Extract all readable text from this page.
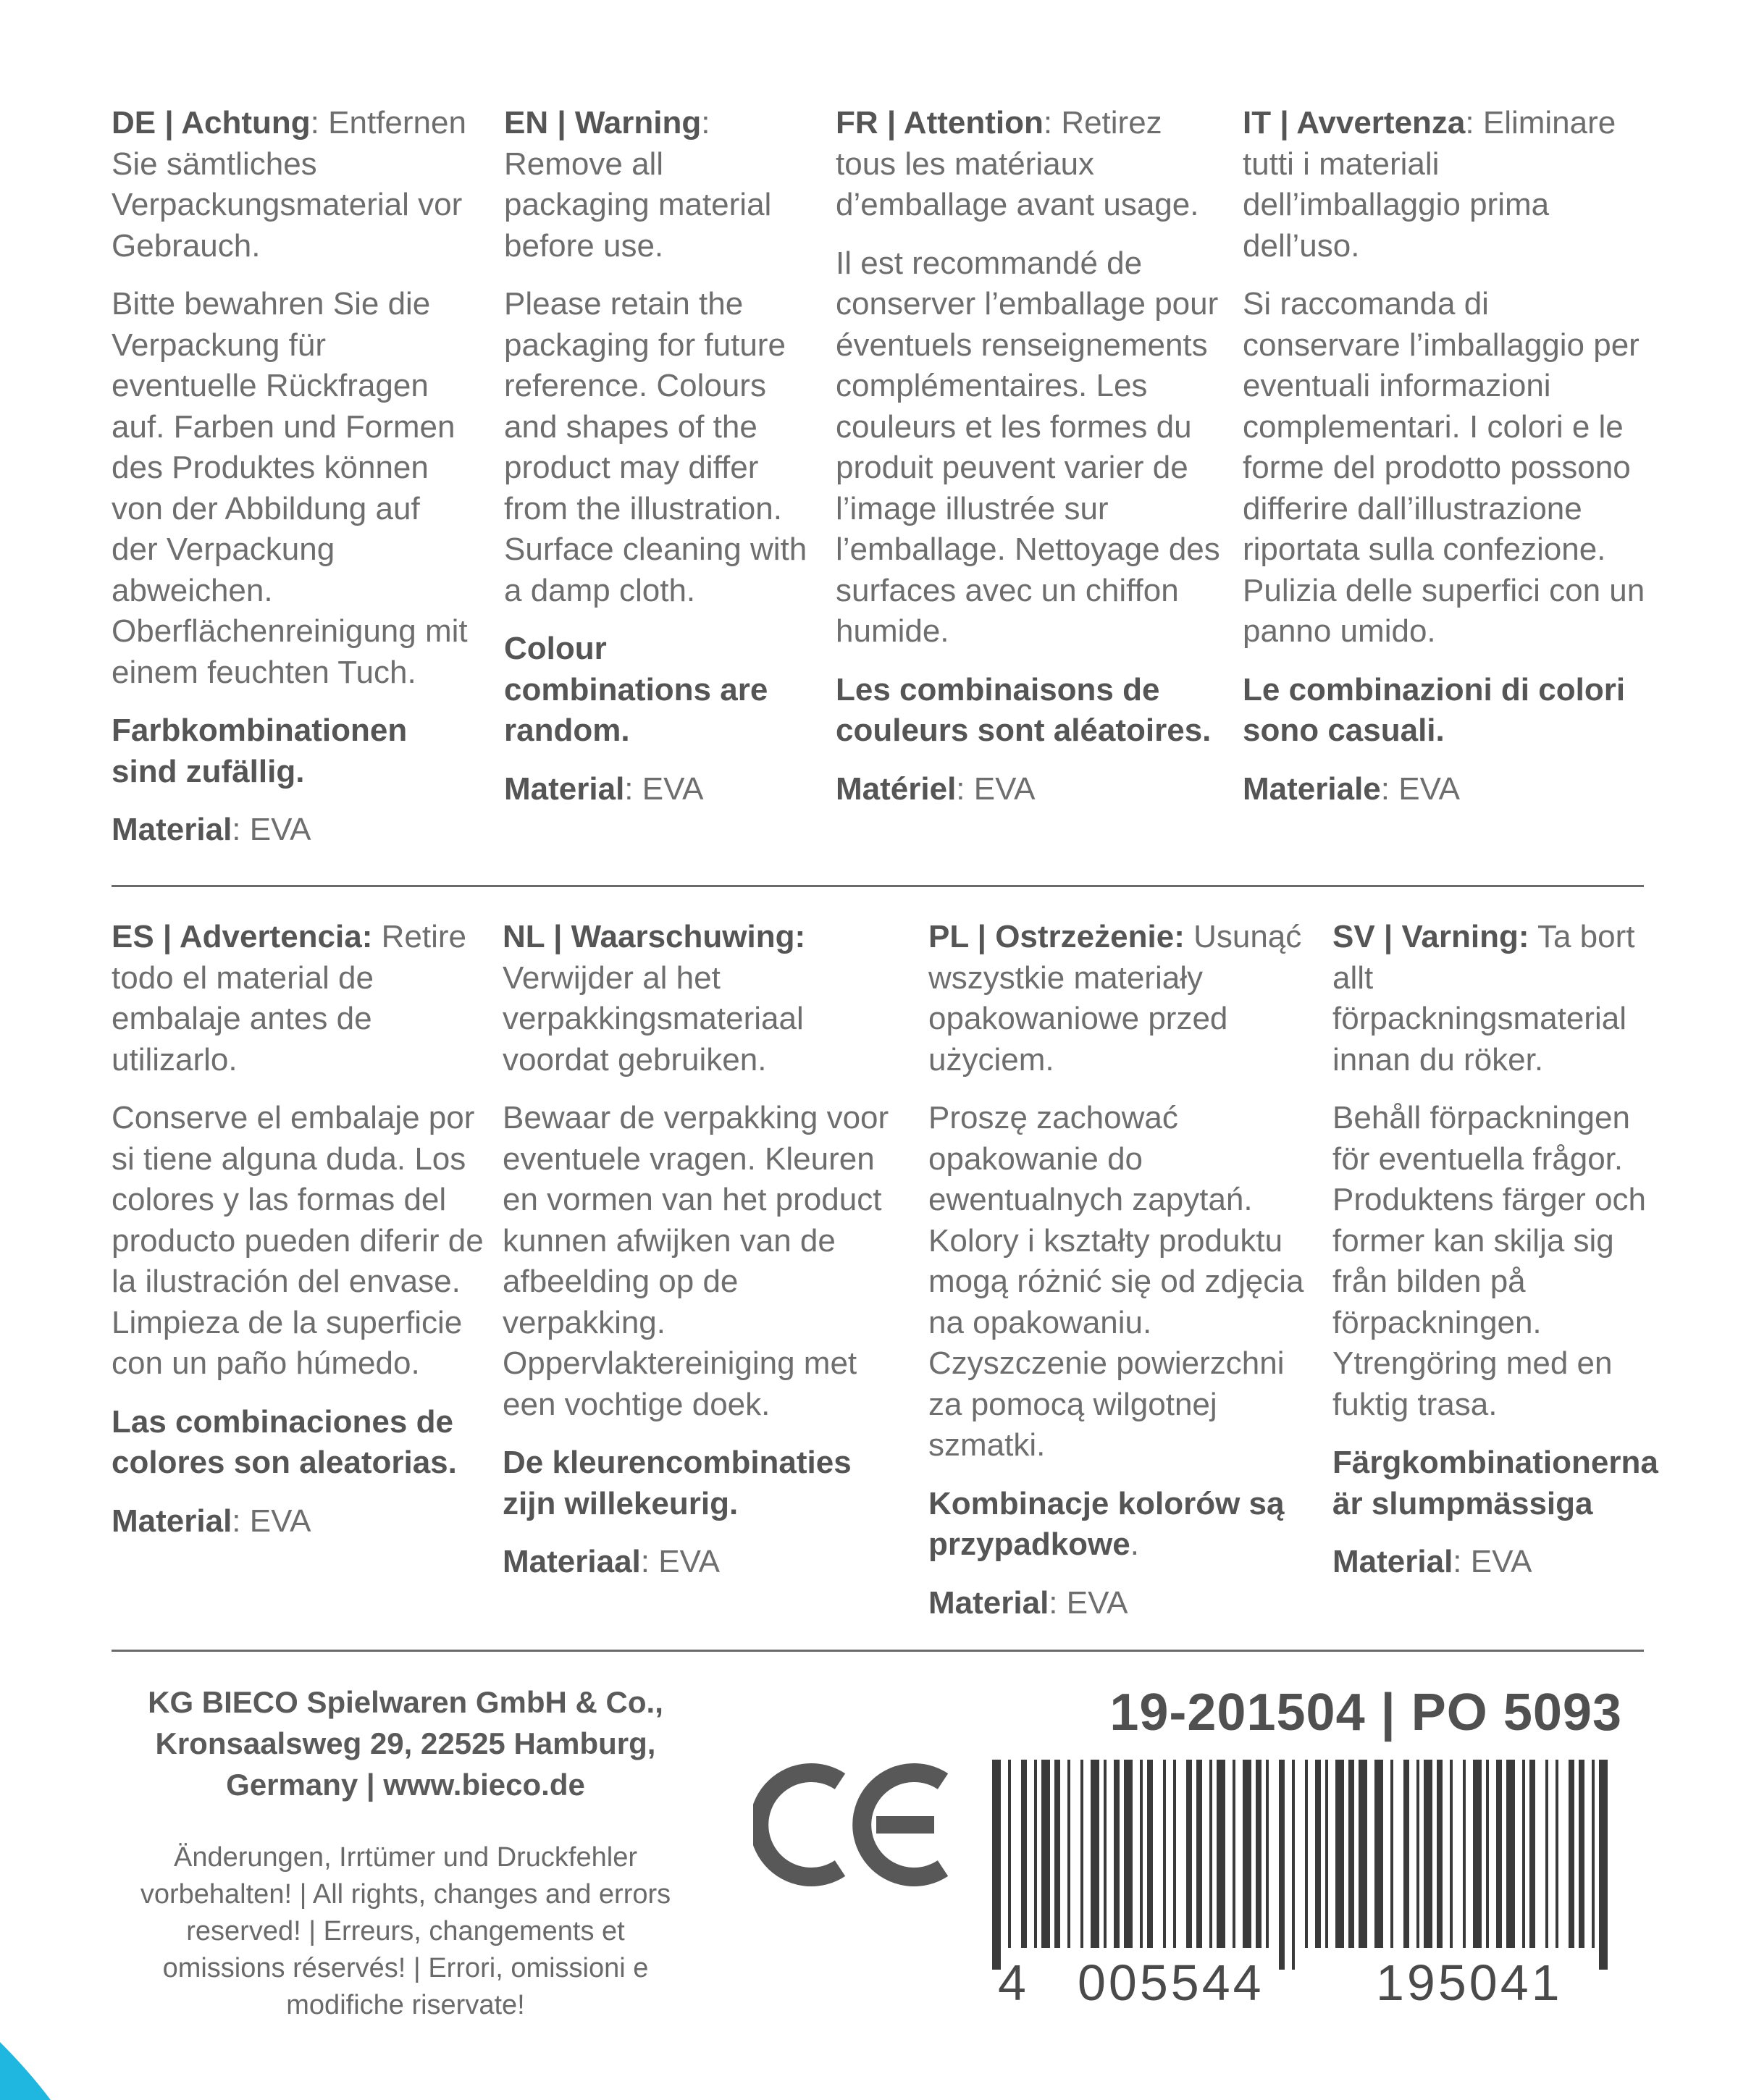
DE | Achtung: Entfernen Sie sämtliches Verpackungsmaterial vor Gebrauch.

Bitte bewahren Sie die Verpackung für eventuelle Rückfragen auf. Farben und Formen des Produktes können von der Abbildung auf der Verpackung abweichen. Oberflächenreinigung mit einem feuchten Tuch.

Farbkombinationen sind zufällig.

Material: EVA

EN | Warning: Remove all packaging material before use.

Please retain the packaging for future reference. Colours and shapes of the product may differ from the illustration. Surface cleaning with a damp cloth.

Colour combinations are random.

Material: EVA

FR | Attention: Retirez tous les matériaux d’emballage avant usage.

Il est recommandé de conserver l’emballage pour éventuels renseignements complémentaires. Les couleurs et les formes du produit peuvent varier de l’image illustrée sur l’emballage. Nettoyage des surfaces avec un chiffon humide.

Les combinaisons de couleurs sont aléatoires.

Matériel: EVA

IT | Avvertenza: Eliminare tutti i materiali dell’imballaggio prima dell’uso.

Si raccomanda di conservare l’imballaggio per eventuali informazioni complementari. I colori e le forme del prodotto possono differire dall’illustrazione riportata sulla confezione. Pulizia delle superfici con un panno umido.

Le combinazioni di colori sono casuali.

Materiale: EVA

ES | Advertencia: Retire todo el material de embalaje antes de utilizarlo.

Conserve el embalaje por si tiene alguna duda. Los colores y las formas del producto pueden diferir de la ilustración del envase. Limpieza de la superficie con un paño húmedo.

Las combinaciones de colores son aleatorias.

Material: EVA

NL | Waarschuwing: Verwijder al het verpakkingsmateriaal voordat gebruiken.

Bewaar de verpakking voor eventuele vragen. Kleuren en vormen van het product kunnen afwijken van de afbeelding op de verpakking. Oppervlaktereiniging met een vochtige doek.

De kleurencombinaties zijn willekeurig.

Materiaal: EVA

PL | Ostrzeżenie: Usunąć wszystkie materiały opakowaniowe przed użyciem.

Proszę zachować opakowanie do ewentualnych zapytań. Kolory i kształty produktu mogą różnić się od zdjęcia na opakowaniu. Czyszczenie powierzchni za pomocą wilgotnej szmatki.

Kombinacje kolorów są przypadkowe.

Material: EVA

SV | Varning: Ta bort allt förpackningsmaterial innan du röker.

Behåll förpackningen för eventuella frågor. Produktens färger och former kan skilja sig från bilden på förpackningen. Ytrengöring med en fuktig trasa.

Färgkombinationerna är slumpmässiga

Material: EVA

KG BIECO Spielwaren GmbH & Co.,
Kronsaalsweg 29, 22525 Hamburg,
Germany | www.bieco.de
Änderungen, Irrtümer und Druckfehler vorbehalten! | All rights, changes and errors reserved! | Erreurs, changements et omissions réservés! | Errori, omissioni e modifiche riservate!
19-201504 | PO 5093
4 005544 195041
